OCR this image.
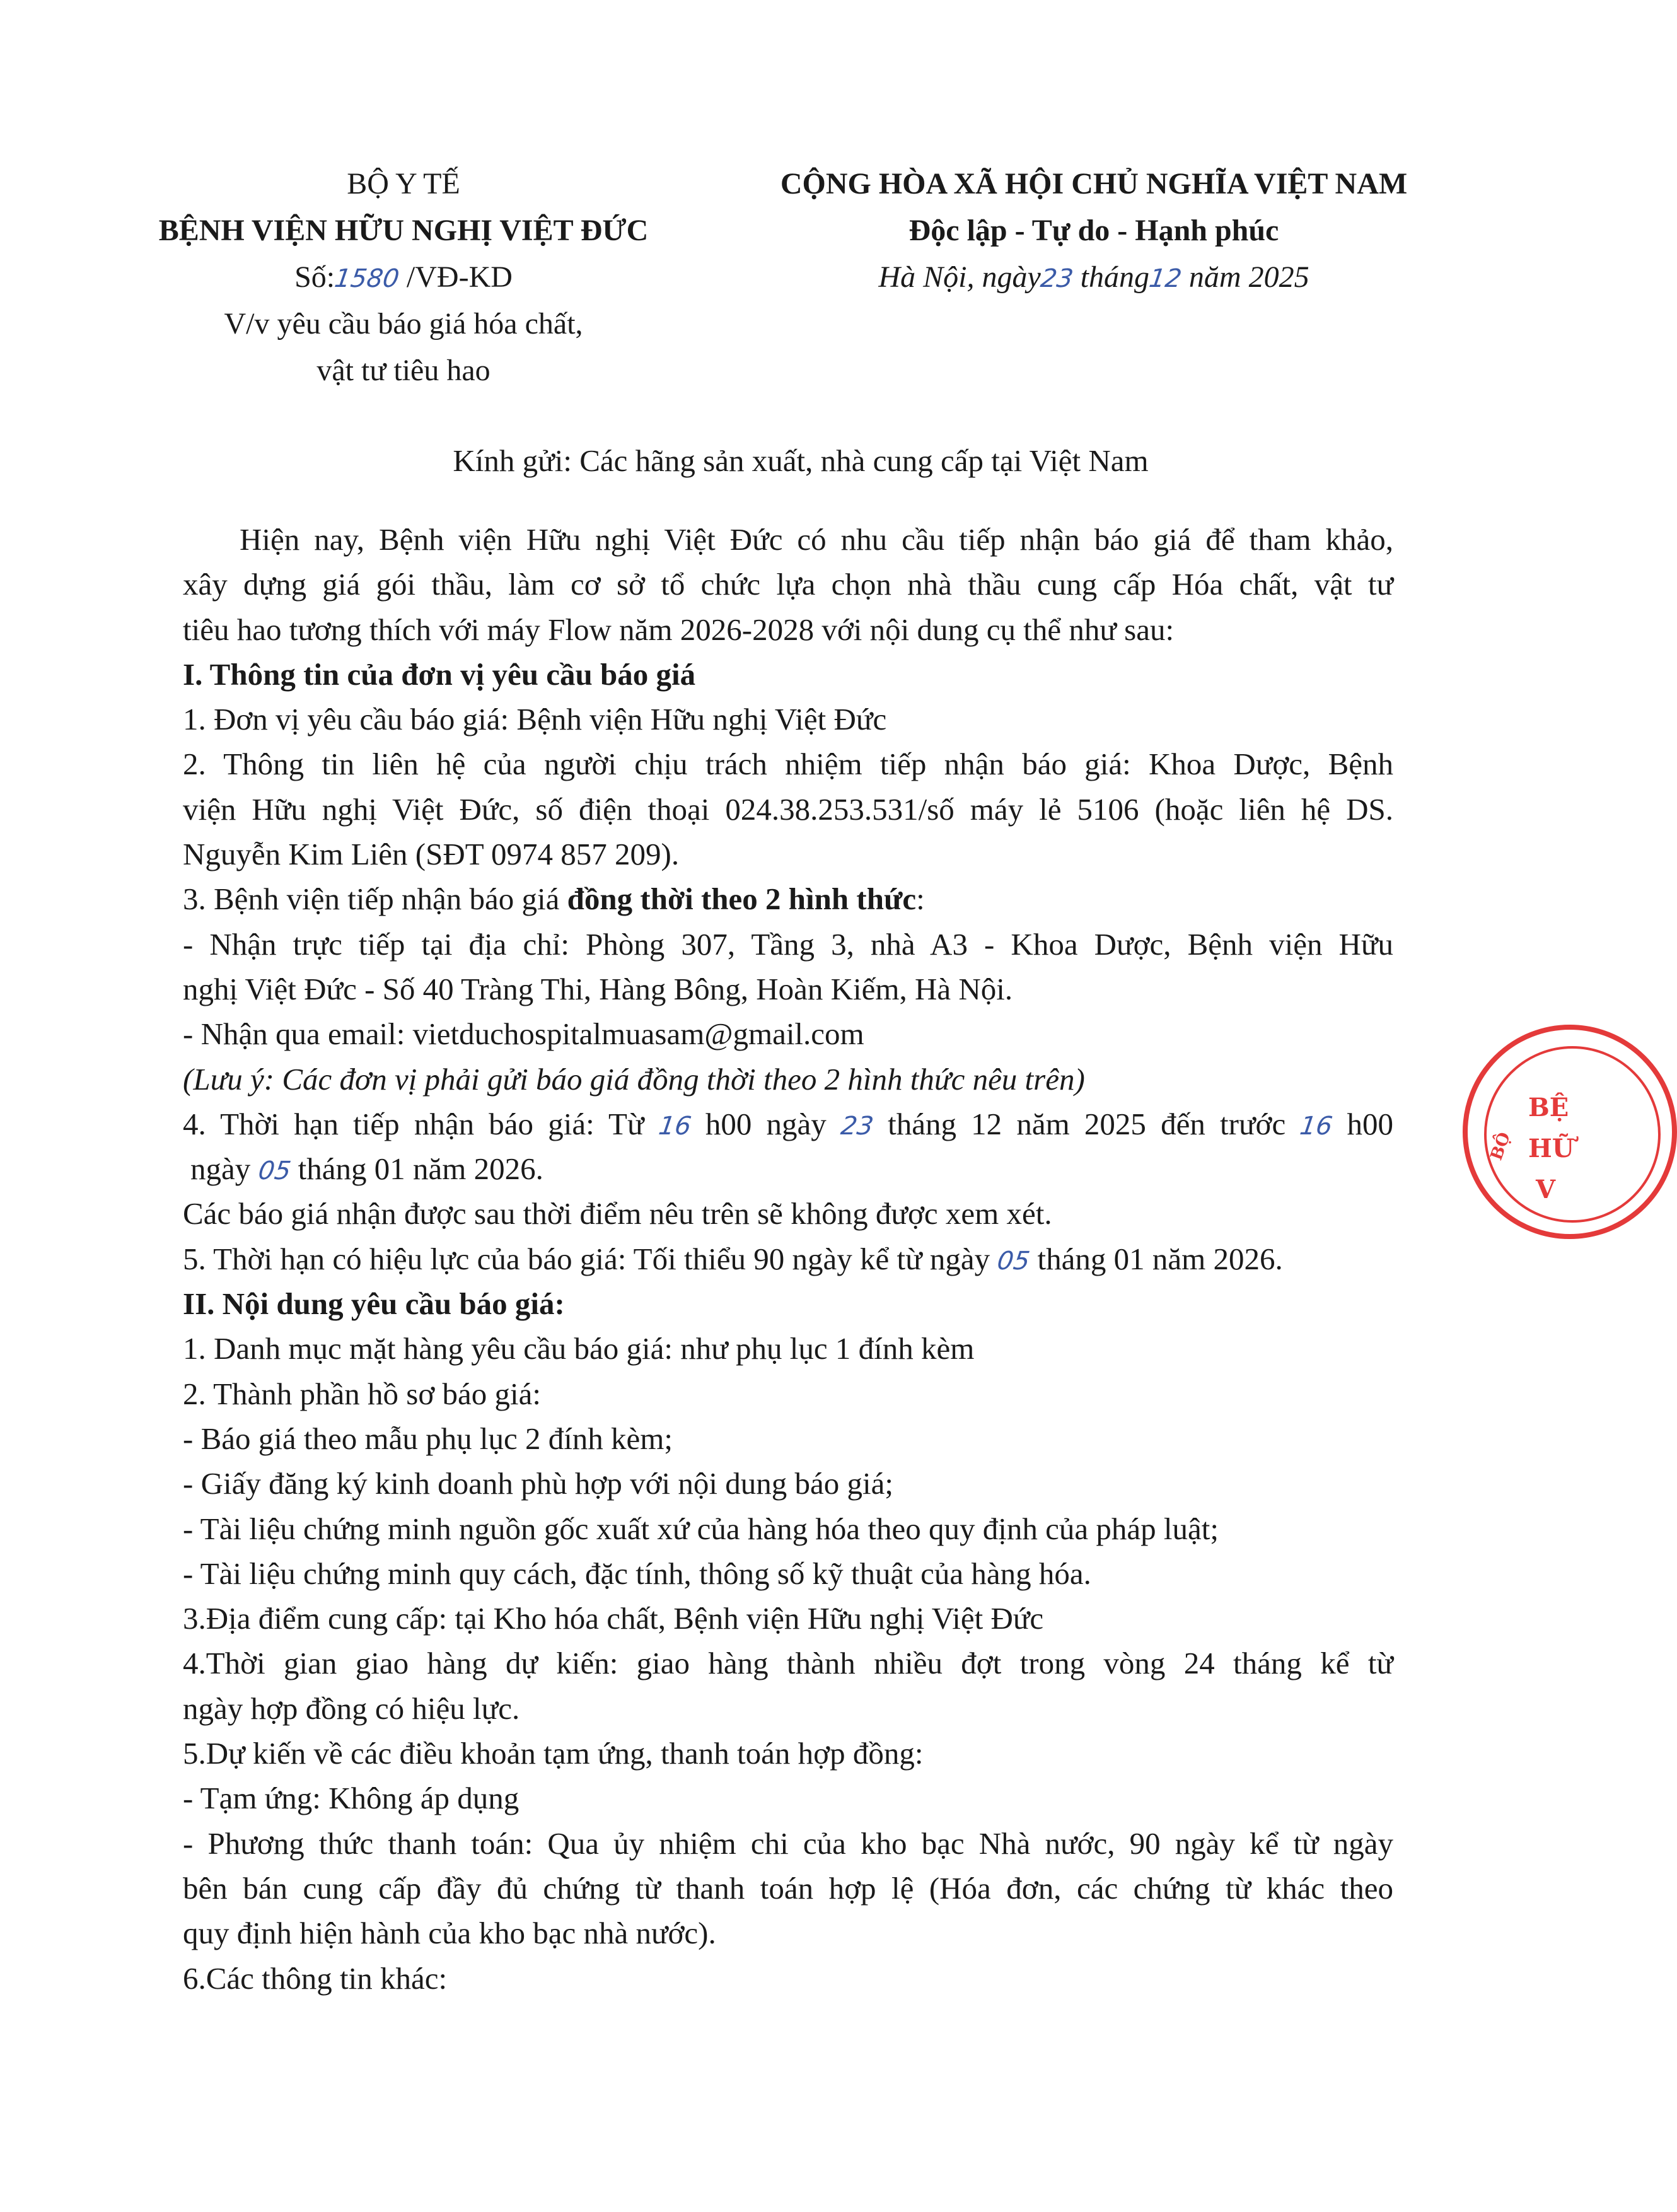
BỘ Y TẾ
BỆNH VIỆN HỮU NGHỊ VIỆT ĐỨC
Số:1580 /VĐ-KD
V/v yêu cầu báo giá hóa chất,
vật tư tiêu hao
CỘNG HÒA XÃ HỘI CHỦ NGHĨA VIỆT NAM
Độc lập - Tự do - Hạnh phúc
Hà Nội, ngày23 tháng12 năm 2025
Kính gửi: Các hãng sản xuất, nhà cung cấp tại Việt Nam
Hiện nay, Bệnh viện Hữu nghị Việt Đức có nhu cầu tiếp nhận báo giá để tham khảo,
xây dựng giá gói thầu, làm cơ sở tổ chức lựa chọn nhà thầu cung cấp Hóa chất, vật tư
tiêu hao tương thích với máy Flow năm 2026-2028 với nội dung cụ thể như sau:
I. Thông tin của đơn vị yêu cầu báo giá
1. Đơn vị yêu cầu báo giá: Bệnh viện Hữu nghị Việt Đức
2. Thông tin liên hệ của người chịu trách nhiệm tiếp nhận báo giá: Khoa Dược, Bệnh
viện Hữu nghị Việt Đức, số điện thoại 024.38.253.531/số máy lẻ 5106 (hoặc liên hệ DS.
Nguyễn Kim Liên (SĐT 0974 857 209).
3. Bệnh viện tiếp nhận báo giá đồng thời theo 2 hình thức:
- Nhận trực tiếp tại địa chỉ: Phòng 307, Tầng 3, nhà A3 - Khoa Dược, Bệnh viện Hữu
nghị Việt Đức - Số 40 Tràng Thi, Hàng Bông, Hoàn Kiếm, Hà Nội.
- Nhận qua email: vietduchospitalmuasam@gmail.com
(Lưu ý: Các đơn vị phải gửi báo giá đồng thời theo 2 hình thức nêu trên)
4. Thời hạn tiếp nhận báo giá: Từ 16 h00 ngày 23 tháng 12 năm 2025 đến trước 16 h00
ngày 05 tháng 01 năm 2026.
Các báo giá nhận được sau thời điểm nêu trên sẽ không được xem xét.
5. Thời hạn có hiệu lực của báo giá: Tối thiểu 90 ngày kể từ ngày 05 tháng 01 năm 2026.
II. Nội dung yêu cầu báo giá:
1. Danh mục mặt hàng yêu cầu báo giá: như phụ lục 1 đính kèm
2. Thành phần hồ sơ báo giá:
- Báo giá theo mẫu phụ lục 2 đính kèm;
- Giấy đăng ký kinh doanh phù hợp với nội dung báo giá;
- Tài liệu chứng minh nguồn gốc xuất xứ của hàng hóa theo quy định của pháp luật;
- Tài liệu chứng minh quy cách, đặc tính, thông số kỹ thuật của hàng hóa.
3.Địa điểm cung cấp: tại Kho hóa chất, Bệnh viện Hữu nghị Việt Đức
4.Thời gian giao hàng dự kiến: giao hàng thành nhiều đợt trong vòng 24 tháng kể từ
ngày hợp đồng có hiệu lực.
5.Dự kiến về các điều khoản tạm ứng, thanh toán hợp đồng:
- Tạm ứng: Không áp dụng
- Phương thức thanh toán: Qua ủy nhiệm chi của kho bạc Nhà nước, 90 ngày kể từ ngày
bên bán cung cấp đầy đủ chứng từ thanh toán hợp lệ (Hóa đơn, các chứng từ khác theo
quy định hiện hành của kho bạc nhà nước).
6.Các thông tin khác:
BỆ
HỮ
V
BỘ
